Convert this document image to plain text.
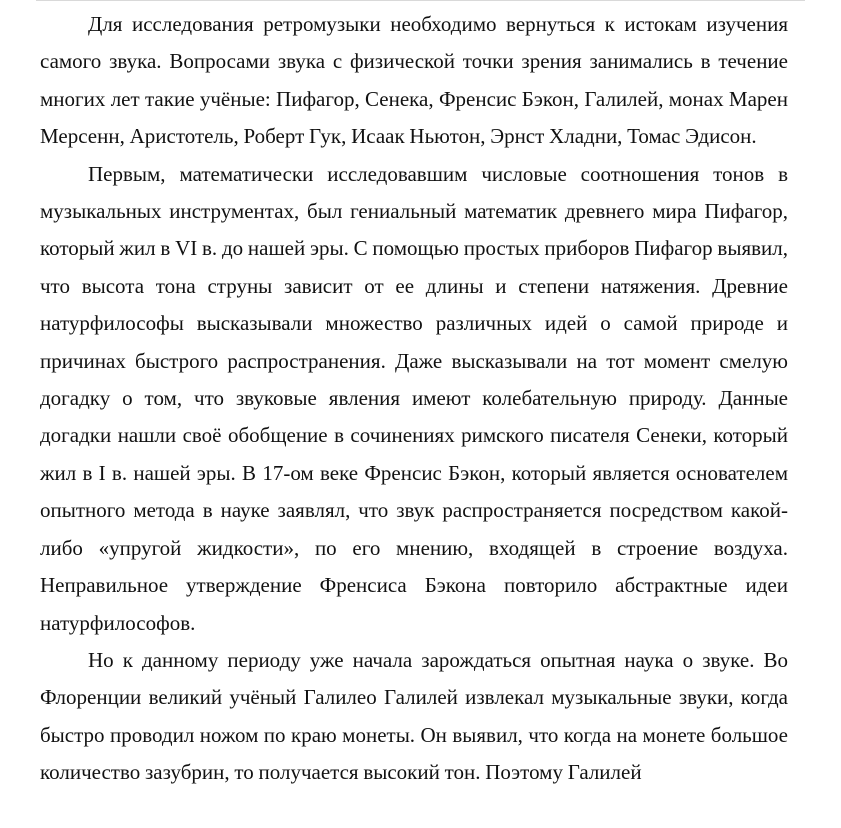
Для исследования ретромузыки необходимо вернуться к истокам изучения самого звука. Вопросами звука с физической точки зрения занимались в течение многих лет такие учёные: Пифагор, Сенека, Френсис Бэкон, Галилей, монах Марен Мерсенн, Аристотель, Роберт Гук, Исаак Ньютон, Эрнст Хладни, Томас Эдисон.

Первым, математически исследовавшим числовые соотношения тонов в музыкальных инструментах, был гениальный математик древнего мира Пифагор, который жил в VI в. до нашей эры. С помощью простых приборов Пифагор выявил, что высота тона струны зависит от ее длины и степени натяжения. Древние натурфилософы высказывали множество различных идей о самой природе и причинах быстрого распространения. Даже высказывали на тот момент смелую догадку о том, что звуковые явления имеют колебательную природу. Данные догадки нашли своё обобщение в сочинениях римского писателя Сенеки, который жил в I в. нашей эры. В 17-ом веке Френсис Бэкон, который является основателем опытного метода в науке заявлял, что звук распространяется посредством какой-либо «упругой жидкости», по его мнению, входящей в строение воздуха. Неправильное утверждение Френсиса Бэкона повторило абстрактные идеи натурфилософов.

Но к данному периоду уже начала зарождаться опытная наука о звуке. Во Флоренции великий учёный Галилео Галилей извлекал музыкальные звуки, когда быстро проводил ножом по краю монеты. Он выявил, что когда на монете большое количество зазубрин, то получается высокий тон. Поэтому Галилей
